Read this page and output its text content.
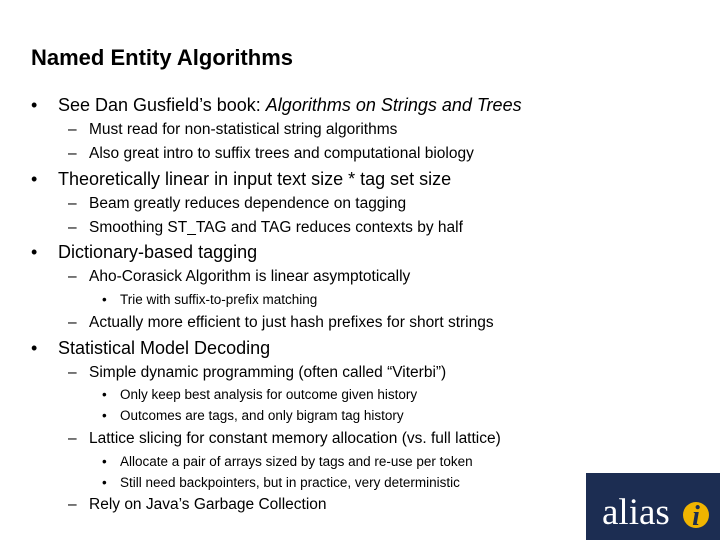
Named Entity Algorithms
• See Dan Gusfield’s book: Algorithms on Strings and Trees
– Must read for non-statistical string algorithms
– Also great intro to suffix trees and computational biology
• Theoretically linear in input text size * tag set size
– Beam greatly reduces dependence on tagging
– Smoothing ST_TAG and TAG reduces contexts by half
• Dictionary-based tagging
– Aho-Corasick Algorithm is linear asymptotically
• Trie with suffix-to-prefix matching
– Actually more efficient to just hash prefixes for short strings
• Statistical Model Decoding
– Simple dynamic programming (often called “Viterbi”)
• Only keep best analysis for outcome given history
• Outcomes are tags, and only bigram tag history
– Lattice slicing for constant memory allocation (vs. full lattice)
• Allocate a pair of arrays sized by tags and re-use per token
• Still need backpointers, but in practice, very deterministic
– Rely on Java’s Garbage Collection	alias i
